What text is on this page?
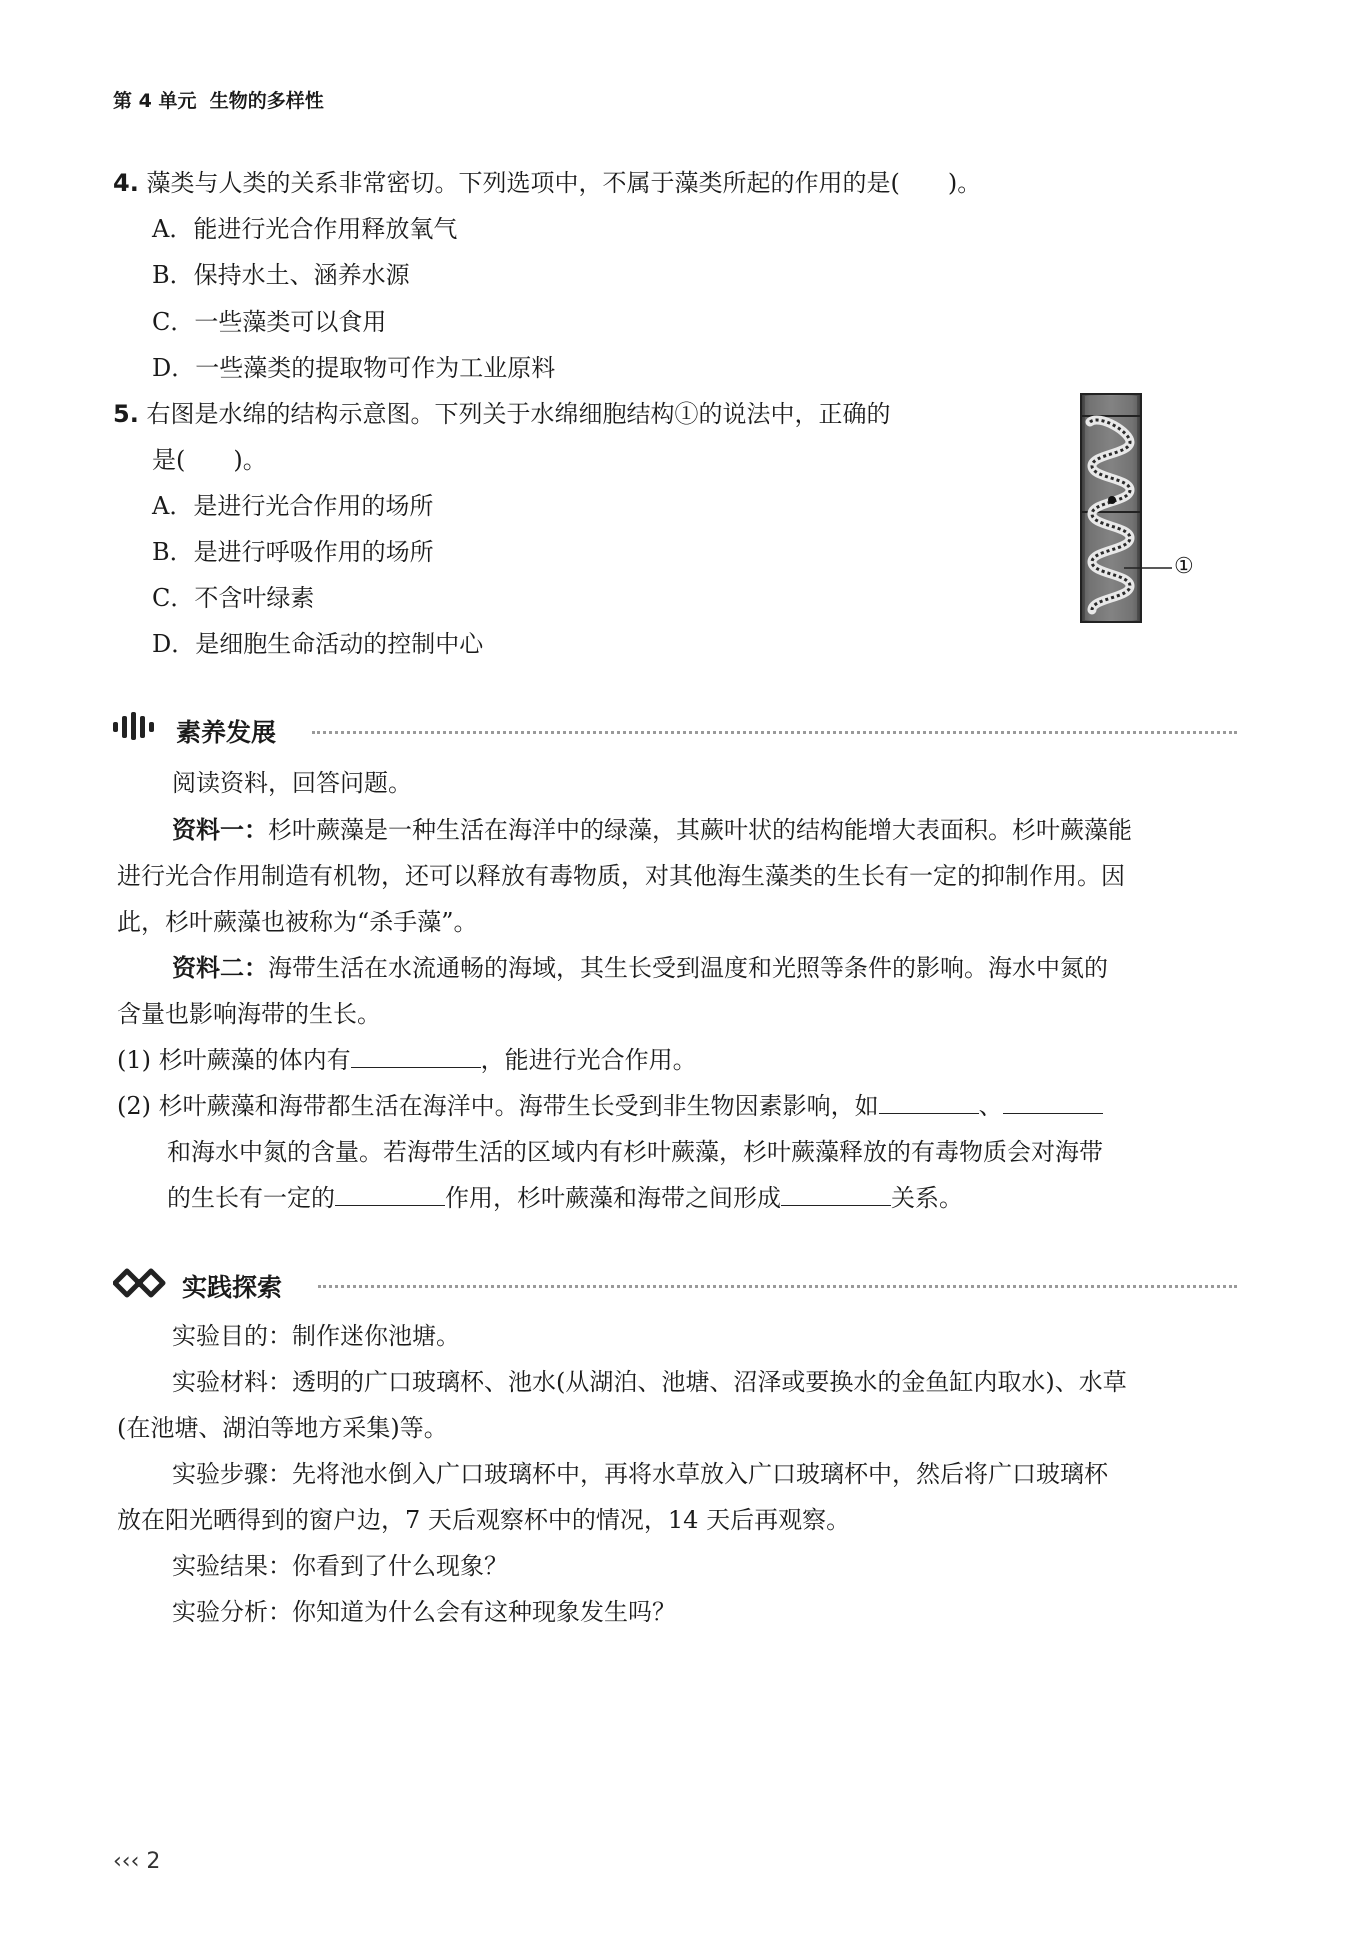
第 4 单元 生物的多样性
4. 藻类与人类的关系非常密切。下列选项中，不属于藻类所起的作用的是(　　)。
A．能进行光合作用释放氧气
B．保持水土、涵养水源
C．一些藻类可以食用
D．一些藻类的提取物可作为工业原料
5. 右图是水绵的结构示意图。下列关于水绵细胞结构①的说法中，正确的
是(　　)。
A．是进行光合作用的场所
B．是进行呼吸作用的场所
C．不含叶绿素
D．是细胞生命活动的控制中心
①
素养发展
阅读资料，回答问题。
资料一：杉叶蕨藻是一种生活在海洋中的绿藻，其蕨叶状的结构能增大表面积。杉叶蕨藻能
进行光合作用制造有机物，还可以释放有毒物质，对其他海生藻类的生长有一定的抑制作用。因
此，杉叶蕨藻也被称为“杀手藻”。
资料二：海带生活在水流通畅的海域，其生长受到温度和光照等条件的影响。海水中氮的
含量也影响海带的生长。
(1) 杉叶蕨藻的体内有	，能进行光合作用。
(2) 杉叶蕨藻和海带都生活在海洋中。海带生长受到非生物因素影响，如	、
和海水中氮的含量。若海带生活的区域内有杉叶蕨藻，杉叶蕨藻释放的有毒物质会对海带
的生长有一定的	作用，杉叶蕨藻和海带之间形成	关系。
实践探索
实验目的：制作迷你池塘。
实验材料：透明的广口玻璃杯、池水(从湖泊、池塘、沼泽或要换水的金鱼缸内取水)、水草
(在池塘、湖泊等地方采集)等。
实验步骤：先将池水倒入广口玻璃杯中，再将水草放入广口玻璃杯中，然后将广口玻璃杯
放在阳光晒得到的窗户边，7 天后观察杯中的情况，14 天后再观察。
实验结果：你看到了什么现象？
实验分析：你知道为什么会有这种现象发生吗？
‹‹‹ 2
